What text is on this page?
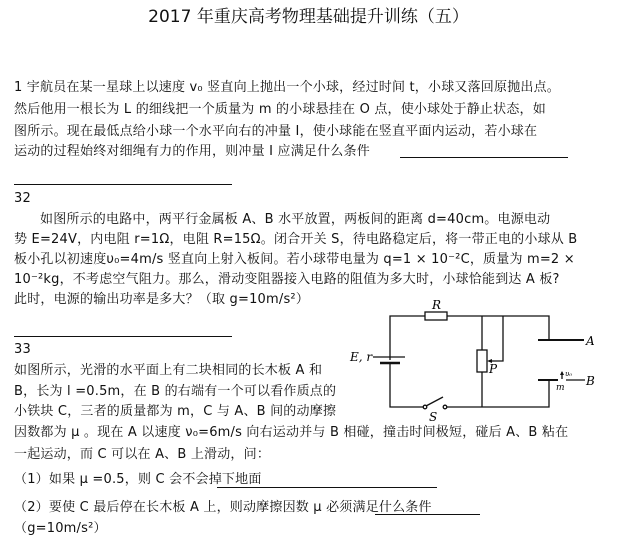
2017 年重庆高考物理基础提升训练（五）
1 宇航员在某一星球上以速度 v₀ 竖直向上抛出一个小球，经过时间 t，小球又落回原抛出点。
然后他用一根长为 L 的细线把一个质量为 m 的小球悬挂在 O 点，使小球处于静止状态，如
图所示。现在最低点给小球一个水平向右的冲量 I，使小球能在竖直平面内运动，若小球在
运动的过程始终对细绳有力的作用，则冲量 I 应满足什么条件
32
如图所示的电路中，两平行金属板 A、B 水平放置，两板间的距离 d=40cm。电源电动
势 E=24V，内电阻 r=1Ω，电阻 R=15Ω。闭合开关 S，待电路稳定后，将一带正电的小球从 B
板小孔以初速度υ₀=4m/s 竖直向上射入板间。若小球带电量为 q=1 × 10⁻²C，质量为 m=2 ×
10⁻²kg，不考虑空气阻力。那么，滑动变阻器接入电路的阻值为多大时，小球恰能到达 A 板?
此时，电源的输出功率是多大？（取 g=10m/s²）	R
E, r
P
S
A
B
m
υ₀
33
如图所示，光滑的水平面上有二块相同的长木板 A 和
B，长为 l =0.5m，在 B 的右端有一个可以看作质点的
小铁块 C，三者的质量都为 m，C 与 A、B 间的动摩擦
因数都为 μ 。现在 A 以速度 ν₀=6m/s 向右运动并与 B 相碰，撞击时间极短，碰后 A、B 粘在
一起运动，而 C 可以在 A、B 上滑动，问：
（1）如果 μ =0.5，则 C 会不会掉下地面
（2）要使 C 最后停在长木板 A 上，则动摩擦因数 μ 必须满足什么条件
（g=10m/s²）
